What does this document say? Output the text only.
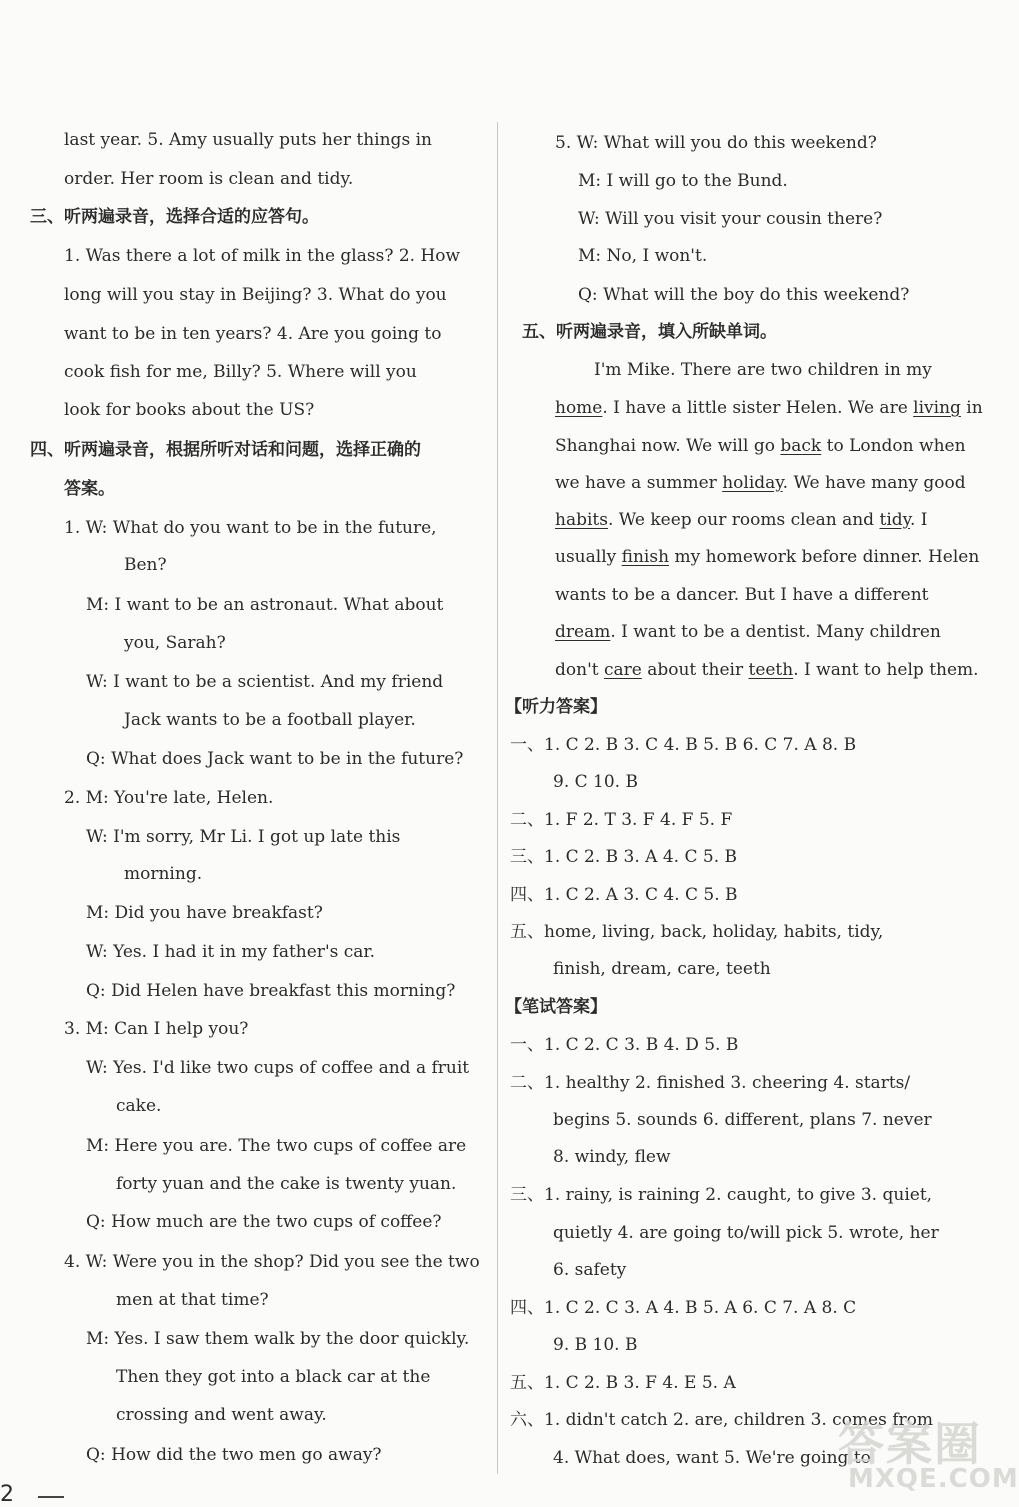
last year. 5. Amy usually puts her things in
order. Her room is clean and tidy.
三、听两遍录音，选择合适的应答句。
1. Was there a lot of milk in the glass? 2. How
long will you stay in Beijing? 3. What do you
want to be in ten years? 4. Are you going to
cook fish for me, Billy? 5. Where will you
look for books about the US?
四、听两遍录音，根据所听对话和问题，选择正确的
答案。
1. W: What do you want to be in the future,
Ben?
M: I want to be an astronaut. What about
you, Sarah?
W: I want to be a scientist. And my friend
Jack wants to be a football player.
Q: What does Jack want to be in the future?
2. M: You're late, Helen.
W: I'm sorry, Mr Li. I got up late this
morning.
M: Did you have breakfast?
W: Yes. I had it in my father's car.
Q: Did Helen have breakfast this morning?
3. M: Can I help you?
W: Yes. I'd like two cups of coffee and a fruit
cake.
M: Here you are. The two cups of coffee are
forty yuan and the cake is twenty yuan.
Q: How much are the two cups of coffee?
4. W: Were you in the shop? Did you see the two
men at that time?
M: Yes. I saw them walk by the door quickly.
Then they got into a black car at the
crossing and went away.
Q: How did the two men go away?
5. W: What will you do this weekend?
M: I will go to the Bund.
W: Will you visit your cousin there?
M: No, I won't.
Q: What will the boy do this weekend?
五、听两遍录音，填入所缺单词。
I'm Mike. There are two children in my
home. I have a little sister Helen. We are living in
Shanghai now. We will go back to London when
we have a summer holiday. We have many good
habits. We keep our rooms clean and tidy. I
usually finish my homework before dinner. Helen
wants to be a dancer. But I have a different
dream. I want to be a dentist. Many children
don't care about their teeth. I want to help them.
【听力答案】
一、1. C 2. B 3. C 4. B 5. B 6. C 7. A 8. B
9. C 10. B
二、1. F 2. T 3. F 4. F 5. F
三、1. C 2. B 3. A 4. C 5. B
四、1. C 2. A 3. C 4. C 5. B
五、home, living, back, holiday, habits, tidy,
finish, dream, care, teeth
【笔试答案】
一、1. C 2. C 3. B 4. D 5. B
二、1. healthy 2. finished 3. cheering 4. starts/
begins 5. sounds 6. different, plans 7. never
8. windy, flew
三、1. rainy, is raining 2. caught, to give 3. quiet,
quietly 4. are going to/will pick 5. wrote, her
6. safety
四、1. C 2. C 3. A 4. B 5. A 6. C 7. A 8. C
9. B 10. B
五、1. C 2. B 3. F 4. E 5. A
六、1. didn't catch 2. are, children 3. comes from
4. What does, want 5. We're going to
2
答案圈
MXQE.COM
